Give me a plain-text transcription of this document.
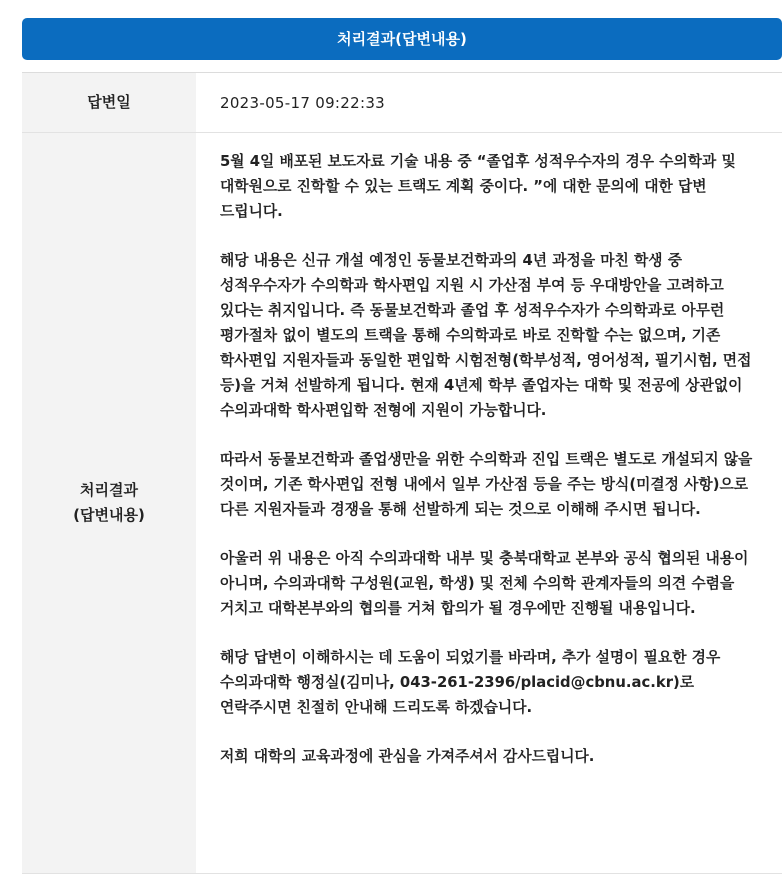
처리결과(답변내용)
답변일	2023-05-17 09:22:33
처리결과
(답변내용)

5월 4일 배포된 보도자료 기술 내용 중 “졸업후 성적우수자의 경우 수의학과 및 대학원으로 진학할 수 있는 트랙도 계획 중이다. ”에 대한 문의에 대한 답변 드립니다.

해당 내용은 신규 개설 예정인 동물보건학과의 4년 과정을 마친 학생 중 성적우수자가 수의학과 학사편입 지원 시 가산점 부여 등 우대방안을 고려하고 있다는 취지입니다. 즉 동물보건학과 졸업 후 성적우수자가 수의학과로 아무런 평가절차 없이 별도의 트랙을 통해 수의학과로 바로 진학할 수는 없으며, 기존 학사편입 지원자들과 동일한 편입학 시험전형(학부성적, 영어성적, 필기시험, 면접 등)을 거쳐 선발하게 됩니다. 현재 4년제 학부 졸업자는 대학 및 전공에 상관없이 수의과대학 학사편입학 전형에 지원이 가능합니다.

따라서 동물보건학과 졸업생만을 위한 수의학과 진입 트랙은 별도로 개설되지 않을 것이며, 기존 학사편입 전형 내에서 일부 가산점 등을 주는 방식(미결정 사항)으로 다른 지원자들과 경쟁을 통해 선발하게 되는 것으로 이해해 주시면 됩니다.

아울러 위 내용은 아직 수의과대학 내부 및 충북대학교 본부와 공식 협의된 내용이 아니며, 수의과대학 구성원(교원, 학생) 및 전체 수의학 관계자들의 의견 수렴을 거치고 대학본부와의 협의를 거쳐 합의가 될 경우에만 진행될 내용입니다.

해당 답변이 이해하시는 데 도움이 되었기를 바라며, 추가 설명이 필요한 경우 수의과대학 행정실(김미나, 043-261-2396/placid@cbnu.ac.kr)로 연락주시면 친절히 안내해 드리도록 하겠습니다.

저희 대학의 교육과정에 관심을 가져주셔서 감사드립니다.
